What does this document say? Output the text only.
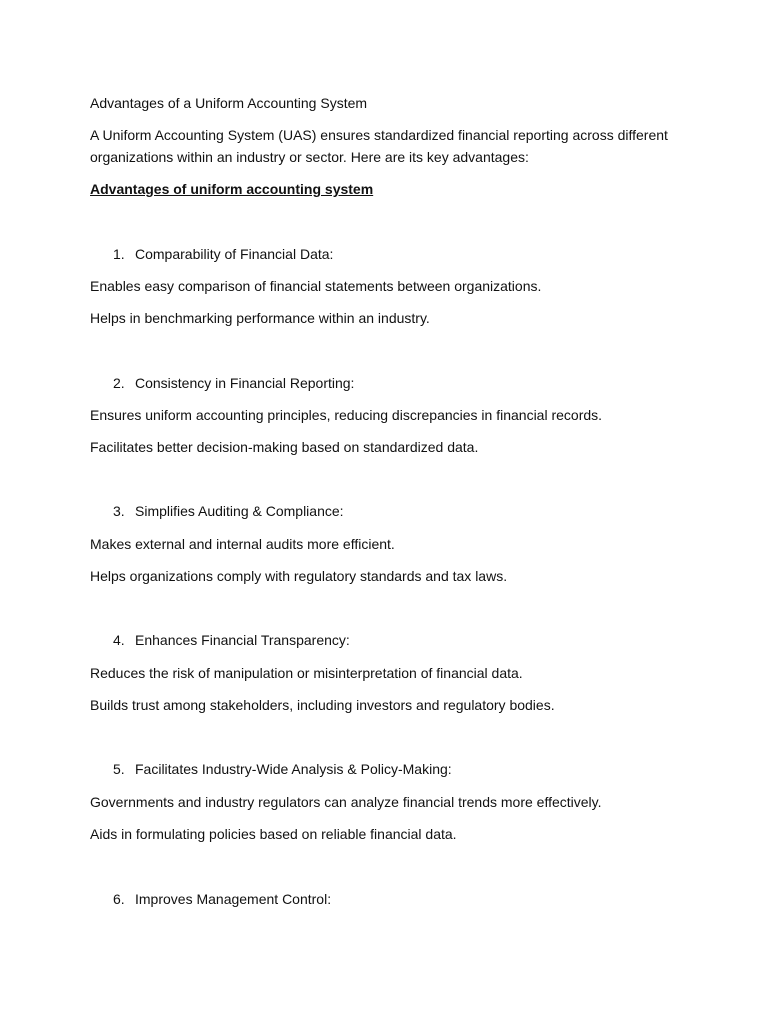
Advantages of a Uniform Accounting System
A Uniform Accounting System (UAS) ensures standardized financial reporting across different organizations within an industry or sector. Here are its key advantages:
Advantages of uniform accounting system
1. Comparability of Financial Data:
Enables easy comparison of financial statements between organizations.
Helps in benchmarking performance within an industry.
2. Consistency in Financial Reporting:
Ensures uniform accounting principles, reducing discrepancies in financial records.
Facilitates better decision-making based on standardized data.
3. Simplifies Auditing & Compliance:
Makes external and internal audits more efficient.
Helps organizations comply with regulatory standards and tax laws.
4. Enhances Financial Transparency:
Reduces the risk of manipulation or misinterpretation of financial data.
Builds trust among stakeholders, including investors and regulatory bodies.
5. Facilitates Industry-Wide Analysis & Policy-Making:
Governments and industry regulators can analyze financial trends more effectively.
Aids in formulating policies based on reliable financial data.
6. Improves Management Control:
